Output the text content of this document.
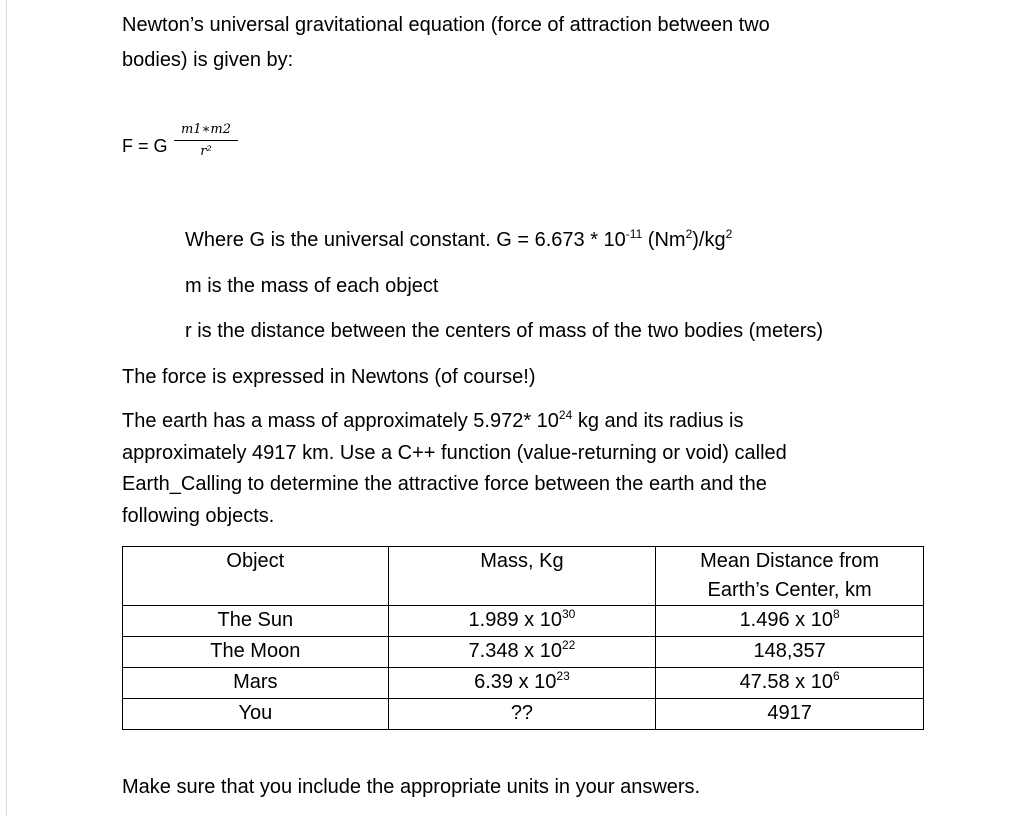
Newton’s universal gravitational equation (force of attraction between two
bodies) is given by:
F = G $\frac{m1∗m2}{\text{r²}}$
Where G is the universal constant. $G = 6.673 * 10^{-11}$ $(Nm^2)/kg^2$
m is the mass of each object
r is the distance between the centers of mass of the two bodies (meters)
The force is expressed in Newtons (of course!)
The earth has a mass of approximately 5.972* $10^{24}$ kg and its radius is
approximately 4917 km. Use a C++ function (value-returning or void) called
Earth_Calling to determine the attractive force between the earth and the
following objects.
Object	Mass, Kg	Mean Distance from
Earth’s Center, km

The Sun	1.989 x $10^{30}$	1.496 x $10^8$
The Moon	7.348 x $10^{22}$	148,357
Mars	6.39 x $10^{23}$	47.58 x $10^6$
You	??	4917
Make sure that you include the appropriate units in your answers.
